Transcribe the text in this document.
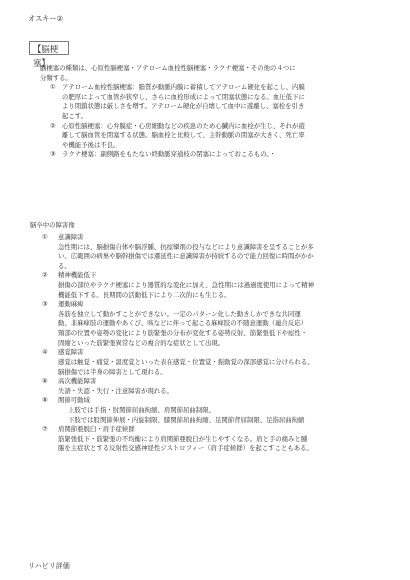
オスキー②
【脳梗塞】

脳梗塞の種類は、心原性脳梗塞・アテローム血栓性脳梗塞・ラクナ梗塞・その他の４つに

分類する。

① アテローム血栓性脳梗塞：脂質が動脈内膜に蓄積してアテローム硬化を起こし、内膜
の肥厚によって血管が狭窄し、さらに血栓形成によって閉塞状態になる。血圧低下に
より閉鎖状態は厳しさを増す。アテローム硬化が自壊して血中に遊離し、塞栓を引き
起こす。
② 心原性脳梗塞：心弁膜症・心房細動などの疾患のため心臓内に血栓が生じ、それが遊
離して脳血管を閉塞する状態。脳血栓と比較して、主幹動脈の閉塞が大きく、死亡率
や機能予後は不良。
③ ラクナ梗塞：副側路をもたない終動脈穿通枝の閉塞によっておこるもの。・
脳卒中の障害像
①	意識障害
急性期には、脳損傷自体や脳浮腫、抗痙攣剤の投与などにより意識障害を呈することが多
い。広範囲の病巣や脳幹損傷では遷延性に意識障害が持続するので能力回復に時間がかか
る。
②	精神機能低下
損傷の部位やラクナ梗塞により器質的な変化に加え、急性期には過過度使用によって精神
機能低下する。長期間の活動低下により二次的にも生じる。
③	運動麻痺
各筋を独立して動かすことができない。一定のパターン化した動きしかできな共同運
動、非麻痺肢の運動やあくび、咳などに伴って起こる麻痺肢の不随意運動（連合反応）
頸部の位置や姿勢の変化により筋緊張の分布が変化する姿勢反射、筋緊張低下や痙性・
固縮といった筋緊張異常などの複合的な症状として出現。
④	感覚障害
感覚は触覚・痛覚・温度覚といった表在感覚・位置覚・振動覚の深部感覚に分けられる。
脳損傷では半身の障害として現れる。
⑥	高次機能障害
失語・失認・失行・注意障害が現れる。
⑧	関節可動域
上肢では手指・肘関節屈曲拘縮、肩関節屈曲制限、
下肢では股関節伸展・内旋制限、膝関節屈曲拘縮、足関節背屈制限、足指屈曲拘縮
⑦	肩関節亜脱臼・肩手症候群
筋緊張低下・筋緊張の不均衡により肩関節亜脱臼が生じやすくなる。肩と手の痛みと腫
脹を主症状とする反射性交感神経性ジストロフィー（肩手症候群）を起こすこともある。
リハビリ評価
